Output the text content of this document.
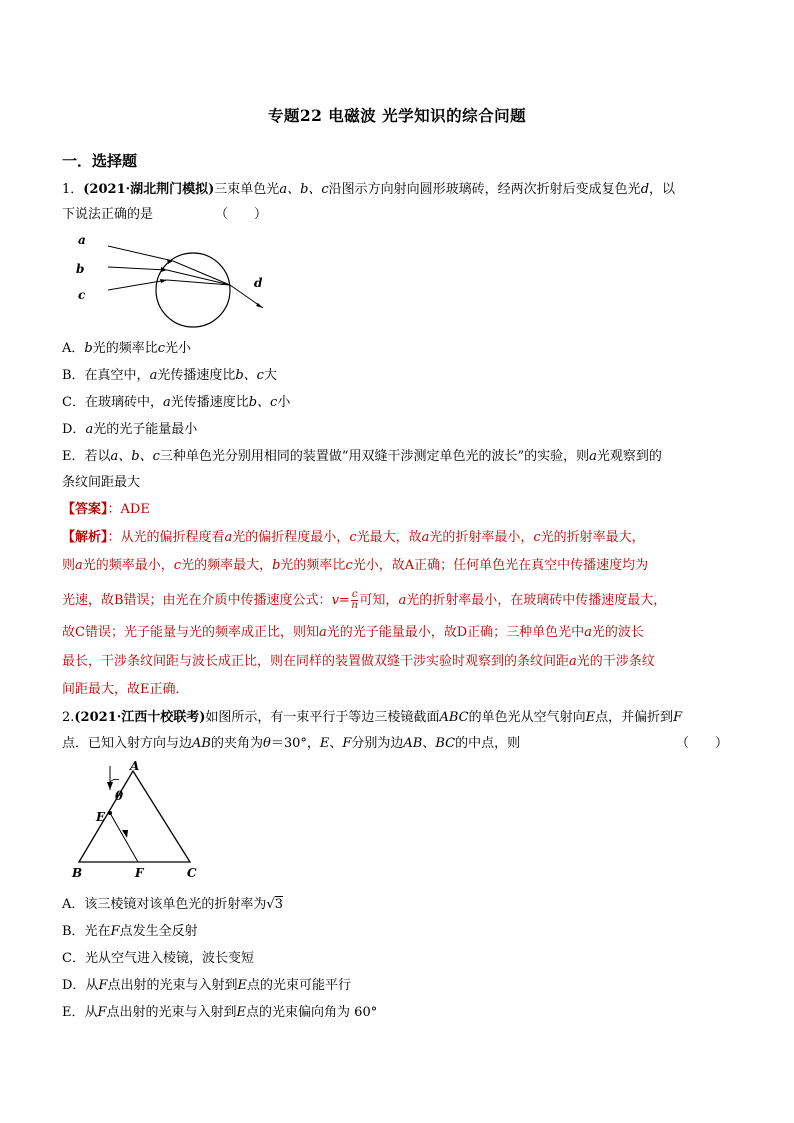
专题22 电磁波 光学知识的综合问题
一．选择题
1．(2021·湖北荆门模拟)三束单色光a、b、c沿图示方向射向圆形玻璃砖，经两次折射后变成复色光d，以
下说法正确的是	（　　）
a
b
c
d
A．b光的频率比c光小
B．在真空中，a光传播速度比b、c大
C．在玻璃砖中，a光传播速度比b、c小
D．a光的光子能量最小
E．若以a、b、c三种单色光分别用相同的装置做“用双缝干涉测定单色光的波长”的实验，则a光观察到的
条纹间距最大
【答案】：ADE
【解析】：从光的偏折程度看a光的偏折程度最小，c光最大，故a光的折射率最小，c光的折射率最大，
则a光的频率最小，c光的频率最大，b光的频率比c光小，故A正确；任何单色光在真空中传播速度均为
光速，故B错误；由光在介质中传播速度公式：$v= \frac{c}{n}$ 可知，a光的折射率最小，在玻璃砖中传播速度最大，
故C错误；光子能量与光的频率成正比，则知a光的光子能量最小，故D正确；三种单色光中a光的波长
最长，干涉条纹间距与波长成正比，则在同样的装置做双缝干涉实验时观察到的条纹间距a光的干涉条纹
间距最大，故E正确．
2.(2021·江西十校联考)如图所示，有一束平行于等边三棱镜截面ABC的单色光从空气射向E点，并偏折到F
点．已知入射方向与边AB的夹角为θ＝30°，E、F分别为边AB、BC的中点，则	（　　）
A
θ
E
B	F	C
A．该三棱镜对该单色光的折射率为√3
B．光在F点发生全反射
C．光从空气进入棱镜，波长变短
D．从F点出射的光束与入射到E点的光束可能平行
E．从F点出射的光束与入射到E点的光束偏向角为 60°
